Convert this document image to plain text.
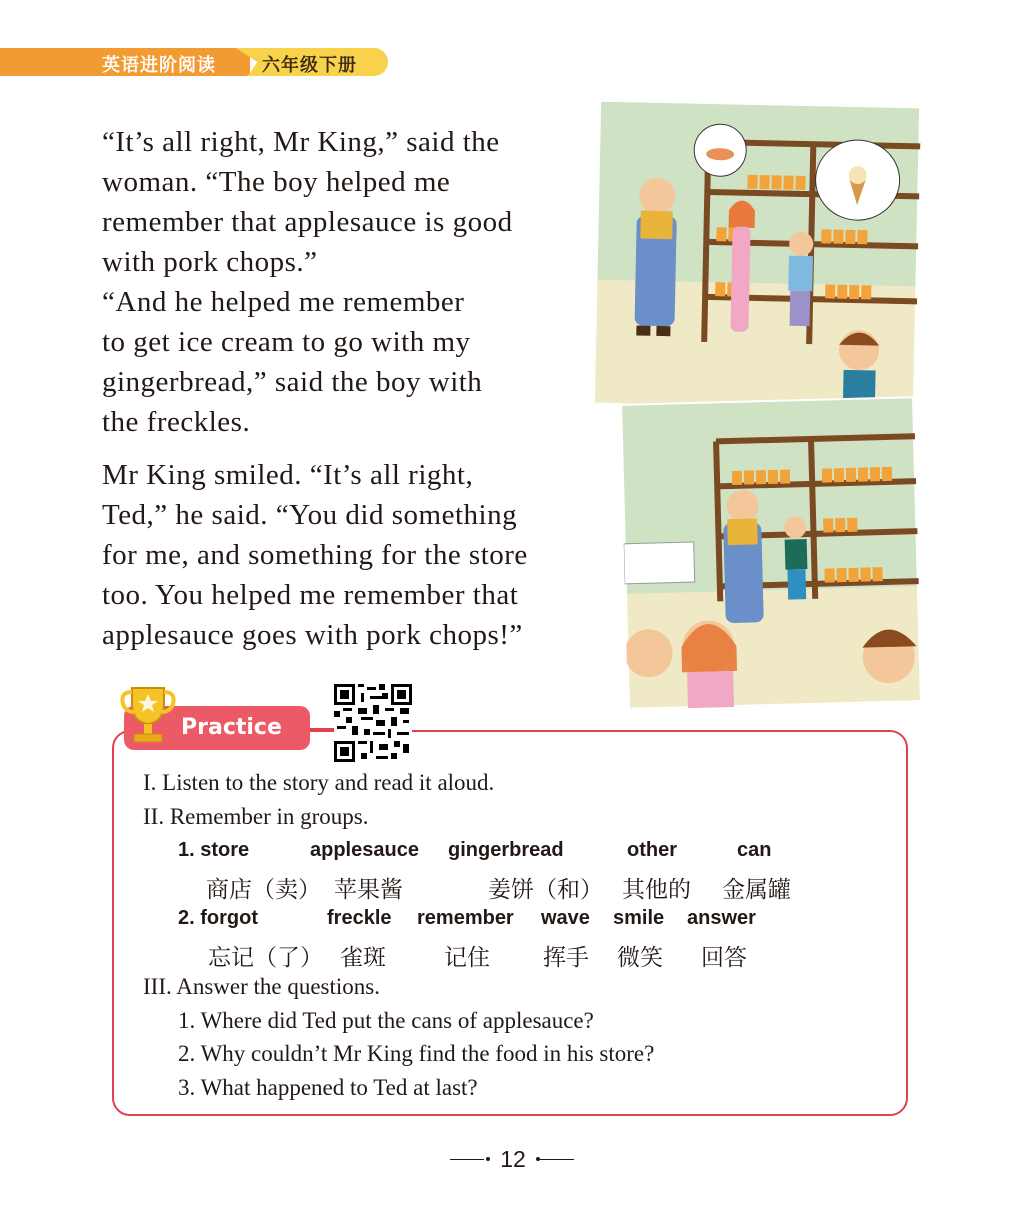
英语进阶阅读	六年级下册

“It’s all right, Mr King,” said the

woman. “The boy helped me

remember that applesauce is good

with pork chops.”

“And he helped me remember

to get ice cream to go with my

gingerbread,” said the boy with

the freckles.

Mr King smiled. “It’s all right,

Ted,” he said. “You did something

for me, and something for the store

too. You helped me remember that

applesauce goes with pork chops!”

Practice
I. Listen to the story and read it aloud.
II. Remember in groups.
1. store	applesauce gingerbread	other	can
商店（卖） 苹果酱	姜饼（和） 其他的 金属罐
2. forgot	freckle remember wave smile answer
忘记（了） 雀斑	记住 挥手 微笑 回答
III. Answer the questions.
1. Where did Ted put the cans of applesauce?
2. Why couldn’t Mr King find the food in his store?
3. What happened to Ted at last?
12
